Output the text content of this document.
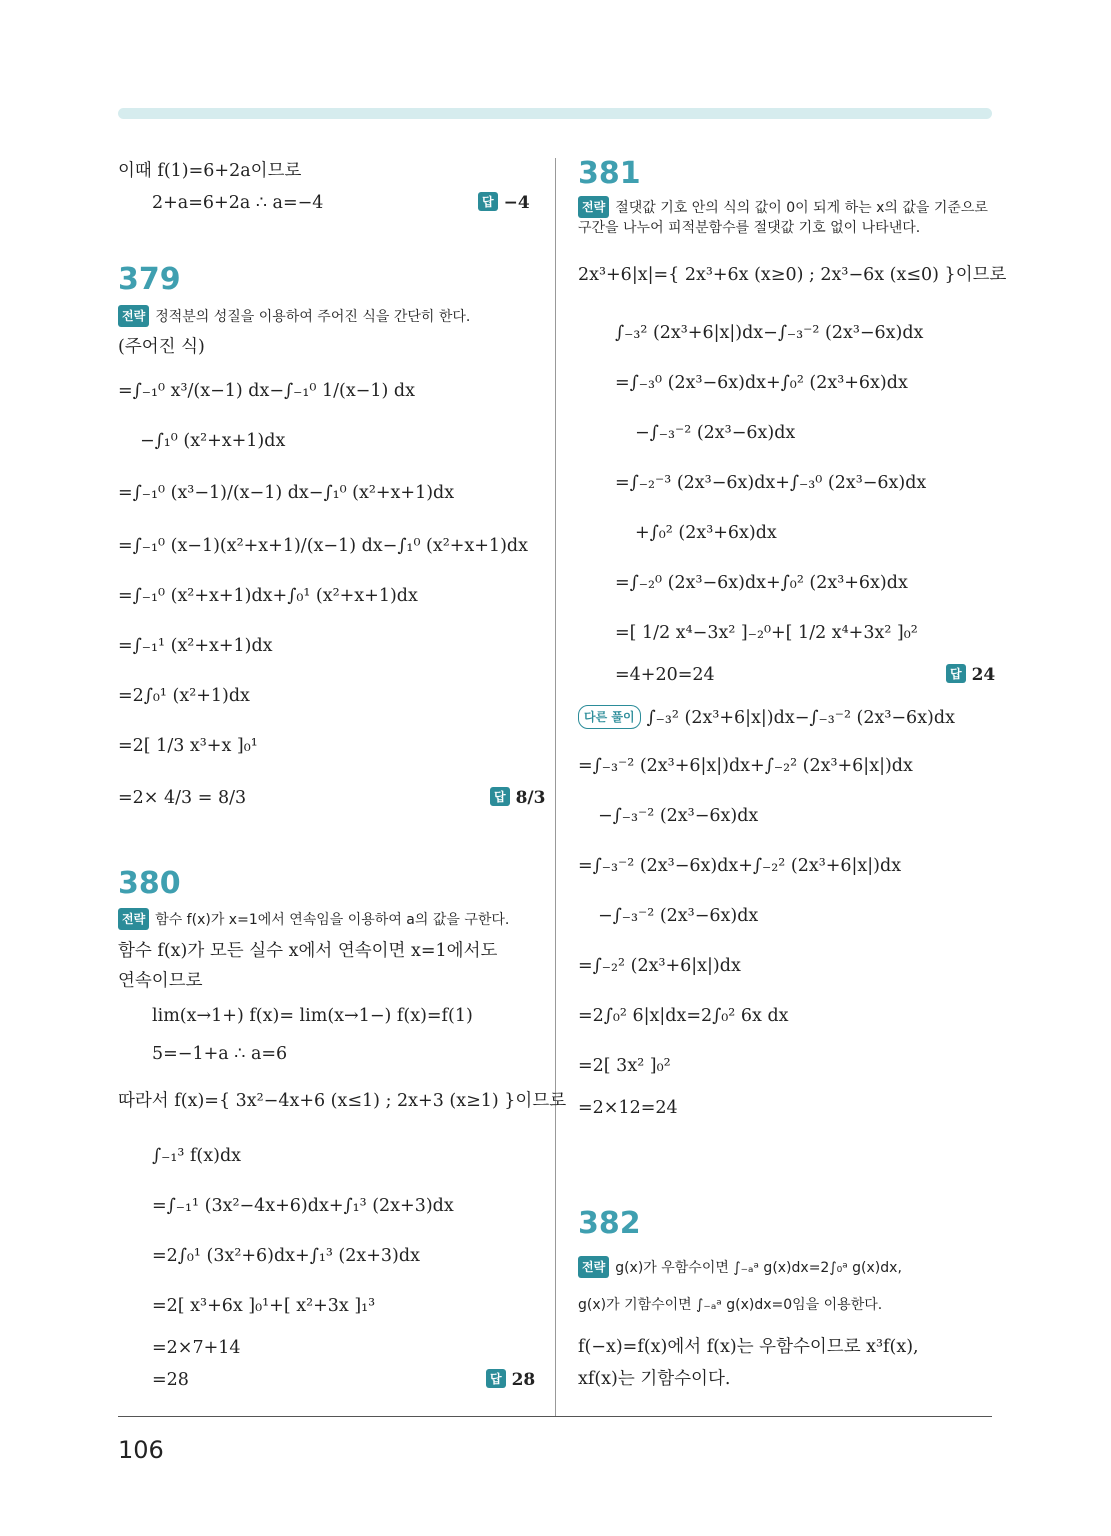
106
이때 f(1)=6+2a이므로
2+a=6+2a ∴ a=−4	답 −4
379
전략 정적분의 성질을 이용하여 주어진 식을 간단히 한다.
(주어진 식)
=∫₋₁⁰ x³/(x−1) dx−∫₋₁⁰ 1/(x−1) dx
−∫₁⁰ (x²+x+1)dx
=∫₋₁⁰ (x³−1)/(x−1) dx−∫₁⁰ (x²+x+1)dx
=∫₋₁⁰ (x−1)(x²+x+1)/(x−1) dx−∫₁⁰ (x²+x+1)dx
=∫₋₁⁰ (x²+x+1)dx+∫₀¹ (x²+x+1)dx
=∫₋₁¹ (x²+x+1)dx
=2∫₀¹ (x²+1)dx
=2[ 1/3 x³+x ]₀¹
=2× 4/3 = 8/3	답 8/3
380
전략 함수 f(x)가 x=1에서 연속임을 이용하여 a의 값을 구한다.
함수 f(x)가 모든 실수 x에서 연속이면 x=1에서도
연속이므로
lim(x→1+) f(x)= lim(x→1−) f(x)=f(1)
5=−1+a ∴ a=6
따라서 f(x)={ 3x²−4x+6 (x≤1) ; 2x+3 (x≥1) }이므로
∫₋₁³ f(x)dx
=∫₋₁¹ (3x²−4x+6)dx+∫₁³ (2x+3)dx
=2∫₀¹ (3x²+6)dx+∫₁³ (2x+3)dx
=2[ x³+6x ]₀¹+[ x²+3x ]₁³
=2×7+14
=28	답 28
381
전략 절댓값 기호 안의 식의 값이 0이 되게 하는 x의 값을 기준으로 구간을 나누어 피적분함수를 절댓값 기호 없이 나타낸다.
2x³+6|x|={ 2x³+6x (x≥0) ; 2x³−6x (x≤0) }이므로
∫₋₃² (2x³+6|x|)dx−∫₋₃⁻² (2x³−6x)dx
=∫₋₃⁰ (2x³−6x)dx+∫₀² (2x³+6x)dx
−∫₋₃⁻² (2x³−6x)dx
=∫₋₂⁻³ (2x³−6x)dx+∫₋₃⁰ (2x³−6x)dx
+∫₀² (2x³+6x)dx
=∫₋₂⁰ (2x³−6x)dx+∫₀² (2x³+6x)dx
=[ 1/2 x⁴−3x² ]₋₂⁰+[ 1/2 x⁴+3x² ]₀²
=4+20=24	답 24
다른 풀이 ∫₋₃² (2x³+6|x|)dx−∫₋₃⁻² (2x³−6x)dx
=∫₋₃⁻² (2x³+6|x|)dx+∫₋₂² (2x³+6|x|)dx
−∫₋₃⁻² (2x³−6x)dx
=∫₋₃⁻² (2x³−6x)dx+∫₋₂² (2x³+6|x|)dx
−∫₋₃⁻² (2x³−6x)dx
=∫₋₂² (2x³+6|x|)dx
=2∫₀² 6|x|dx=2∫₀² 6x dx
=2[ 3x² ]₀²
=2×12=24
382
전략 g(x)가 우함수이면 ∫₋ₐᵃ g(x)dx=2∫₀ᵃ g(x)dx,
g(x)가 기함수이면 ∫₋ₐᵃ g(x)dx=0임을 이용한다.
f(−x)=f(x)에서 f(x)는 우함수이므로 x³f(x),
xf(x)는 기함수이다.
